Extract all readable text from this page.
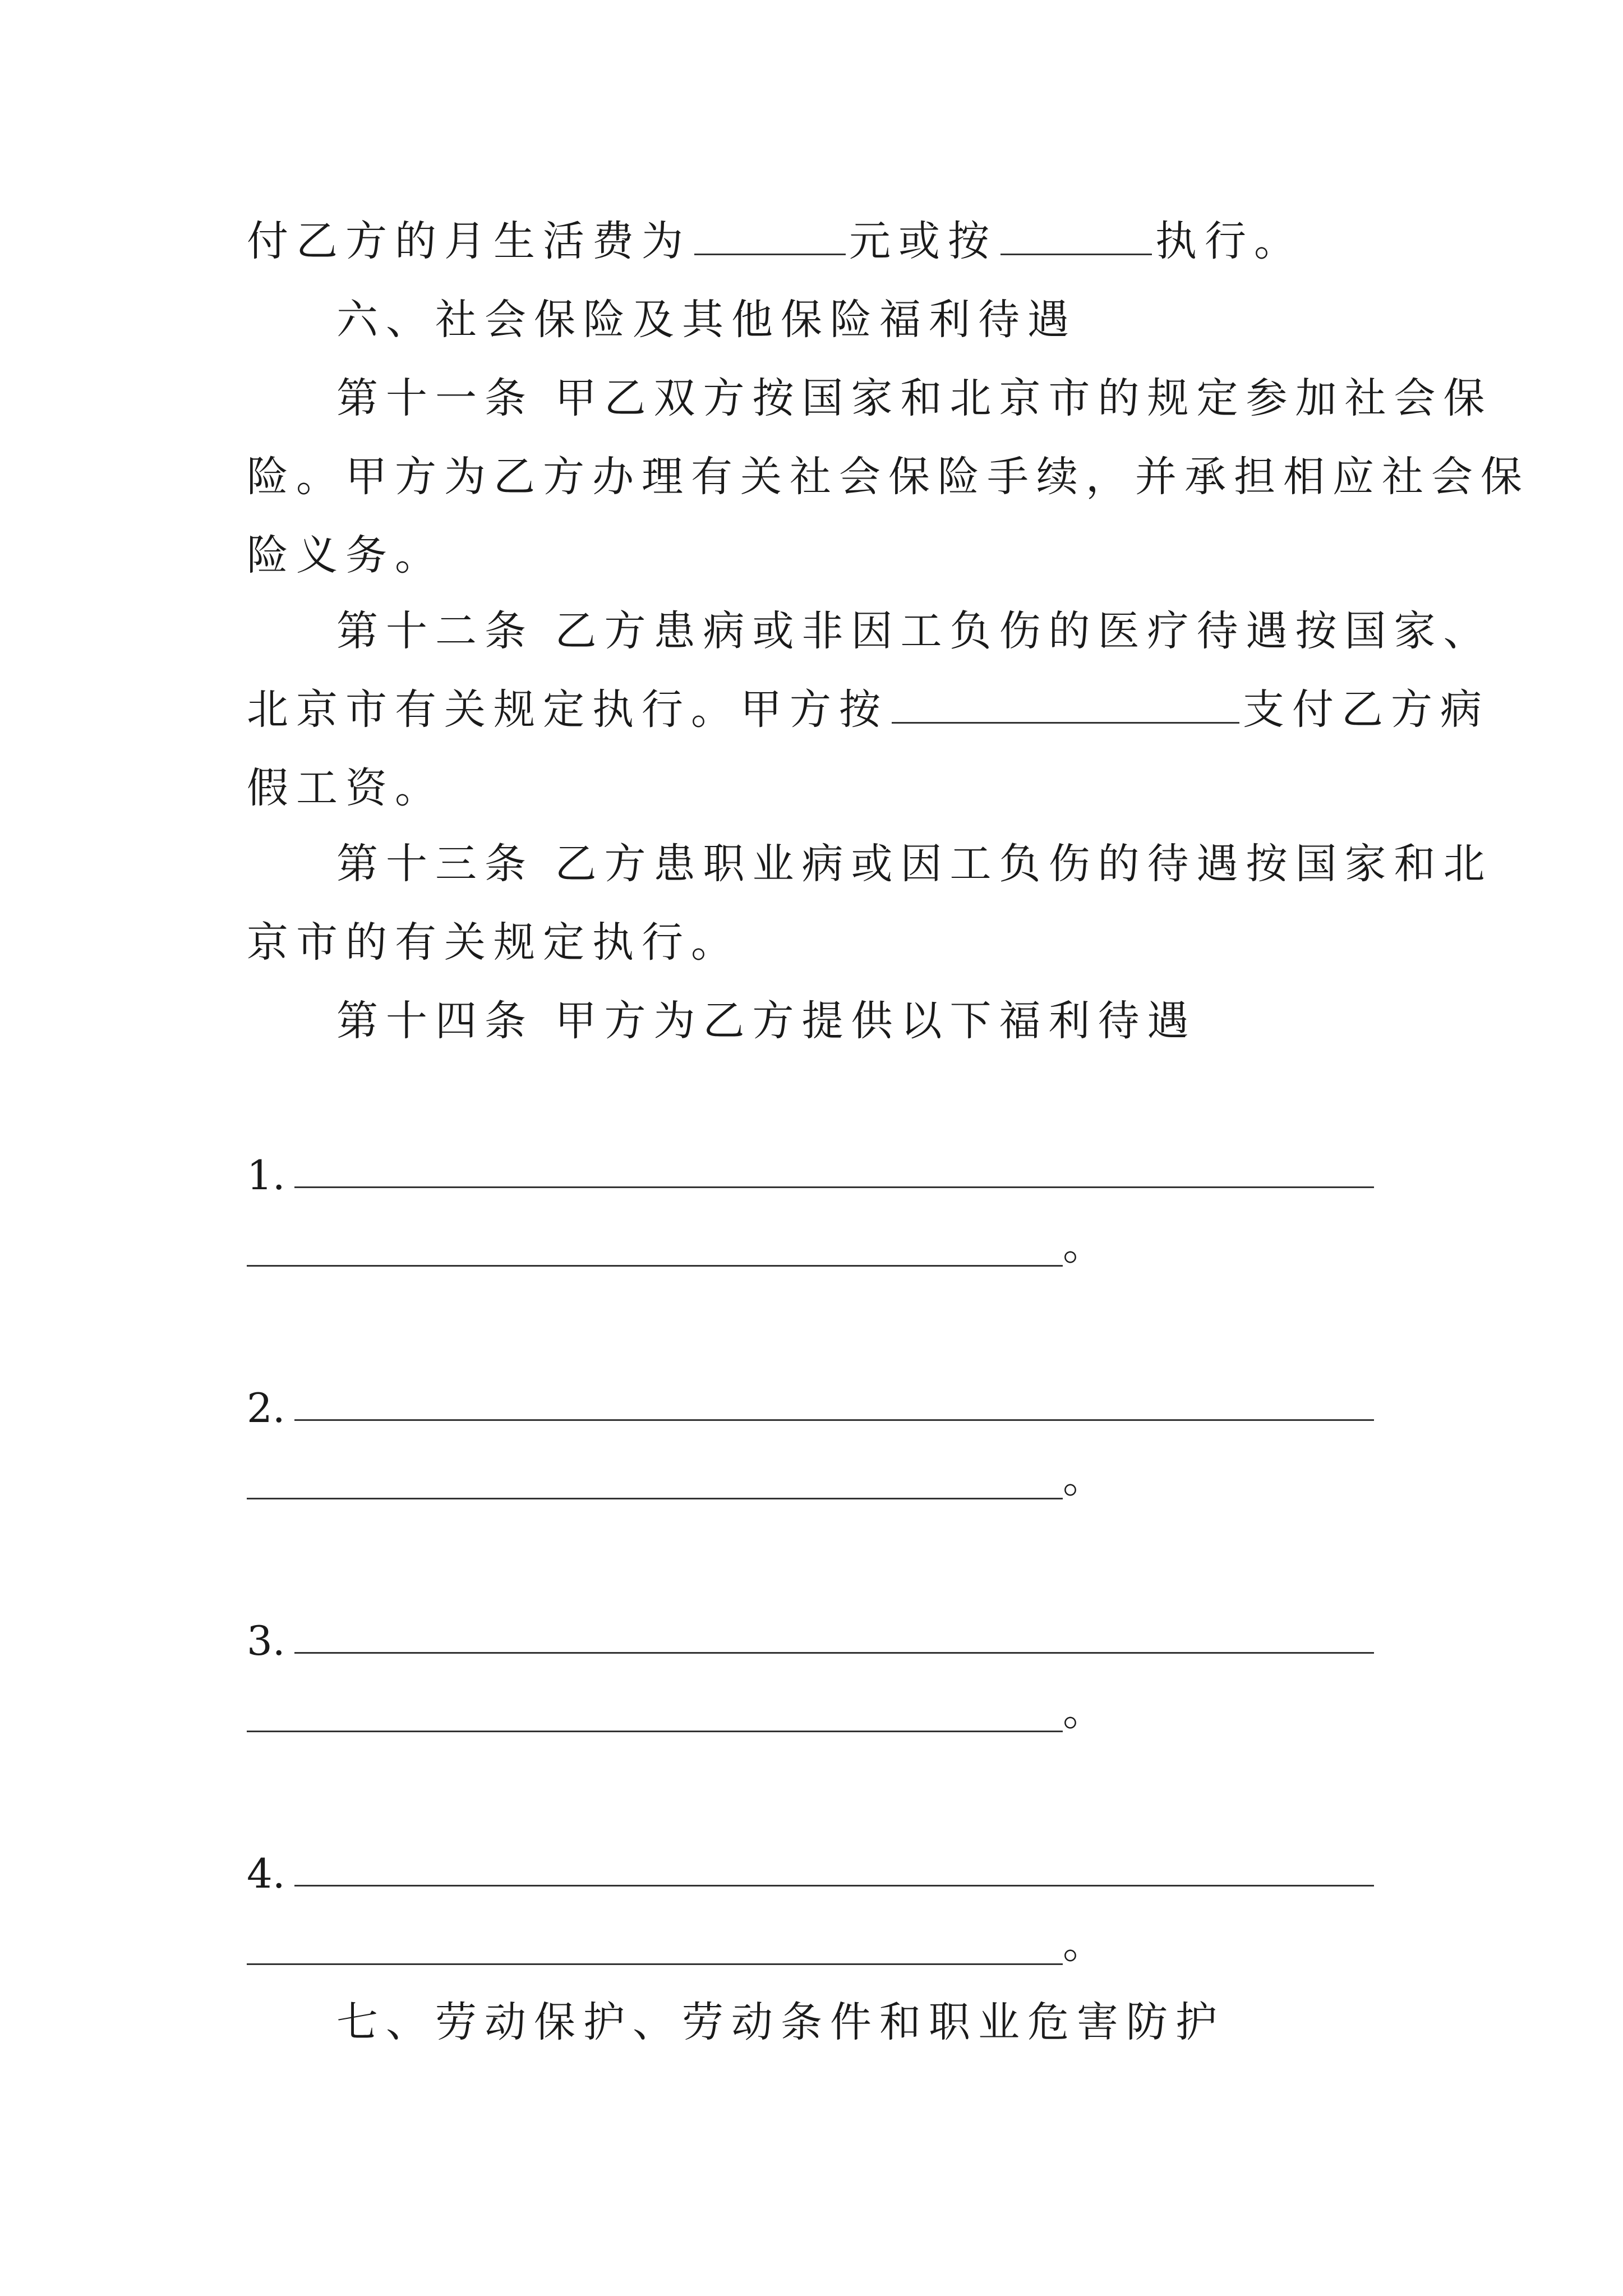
付乙方的月生活费为	元或按	执行。
六、社会保险及其他保险福利待遇
第十一条 甲乙双方按国家和北京市的规定参加社会保
险。甲方为乙方办理有关社会保险手续，并承担相应社会保
险义务。
第十二条 乙方患病或非因工负伤的医疗待遇按国家、
北京市有关规定执行。甲方按	支付乙方病
假工资。
第十三条 乙方患职业病或因工负伤的待遇按国家和北
京市的有关规定执行。
第十四条 甲方为乙方提供以下福利待遇
1.
。
2.
。
3.
。
4.
。
七、劳动保护、劳动条件和职业危害防护
